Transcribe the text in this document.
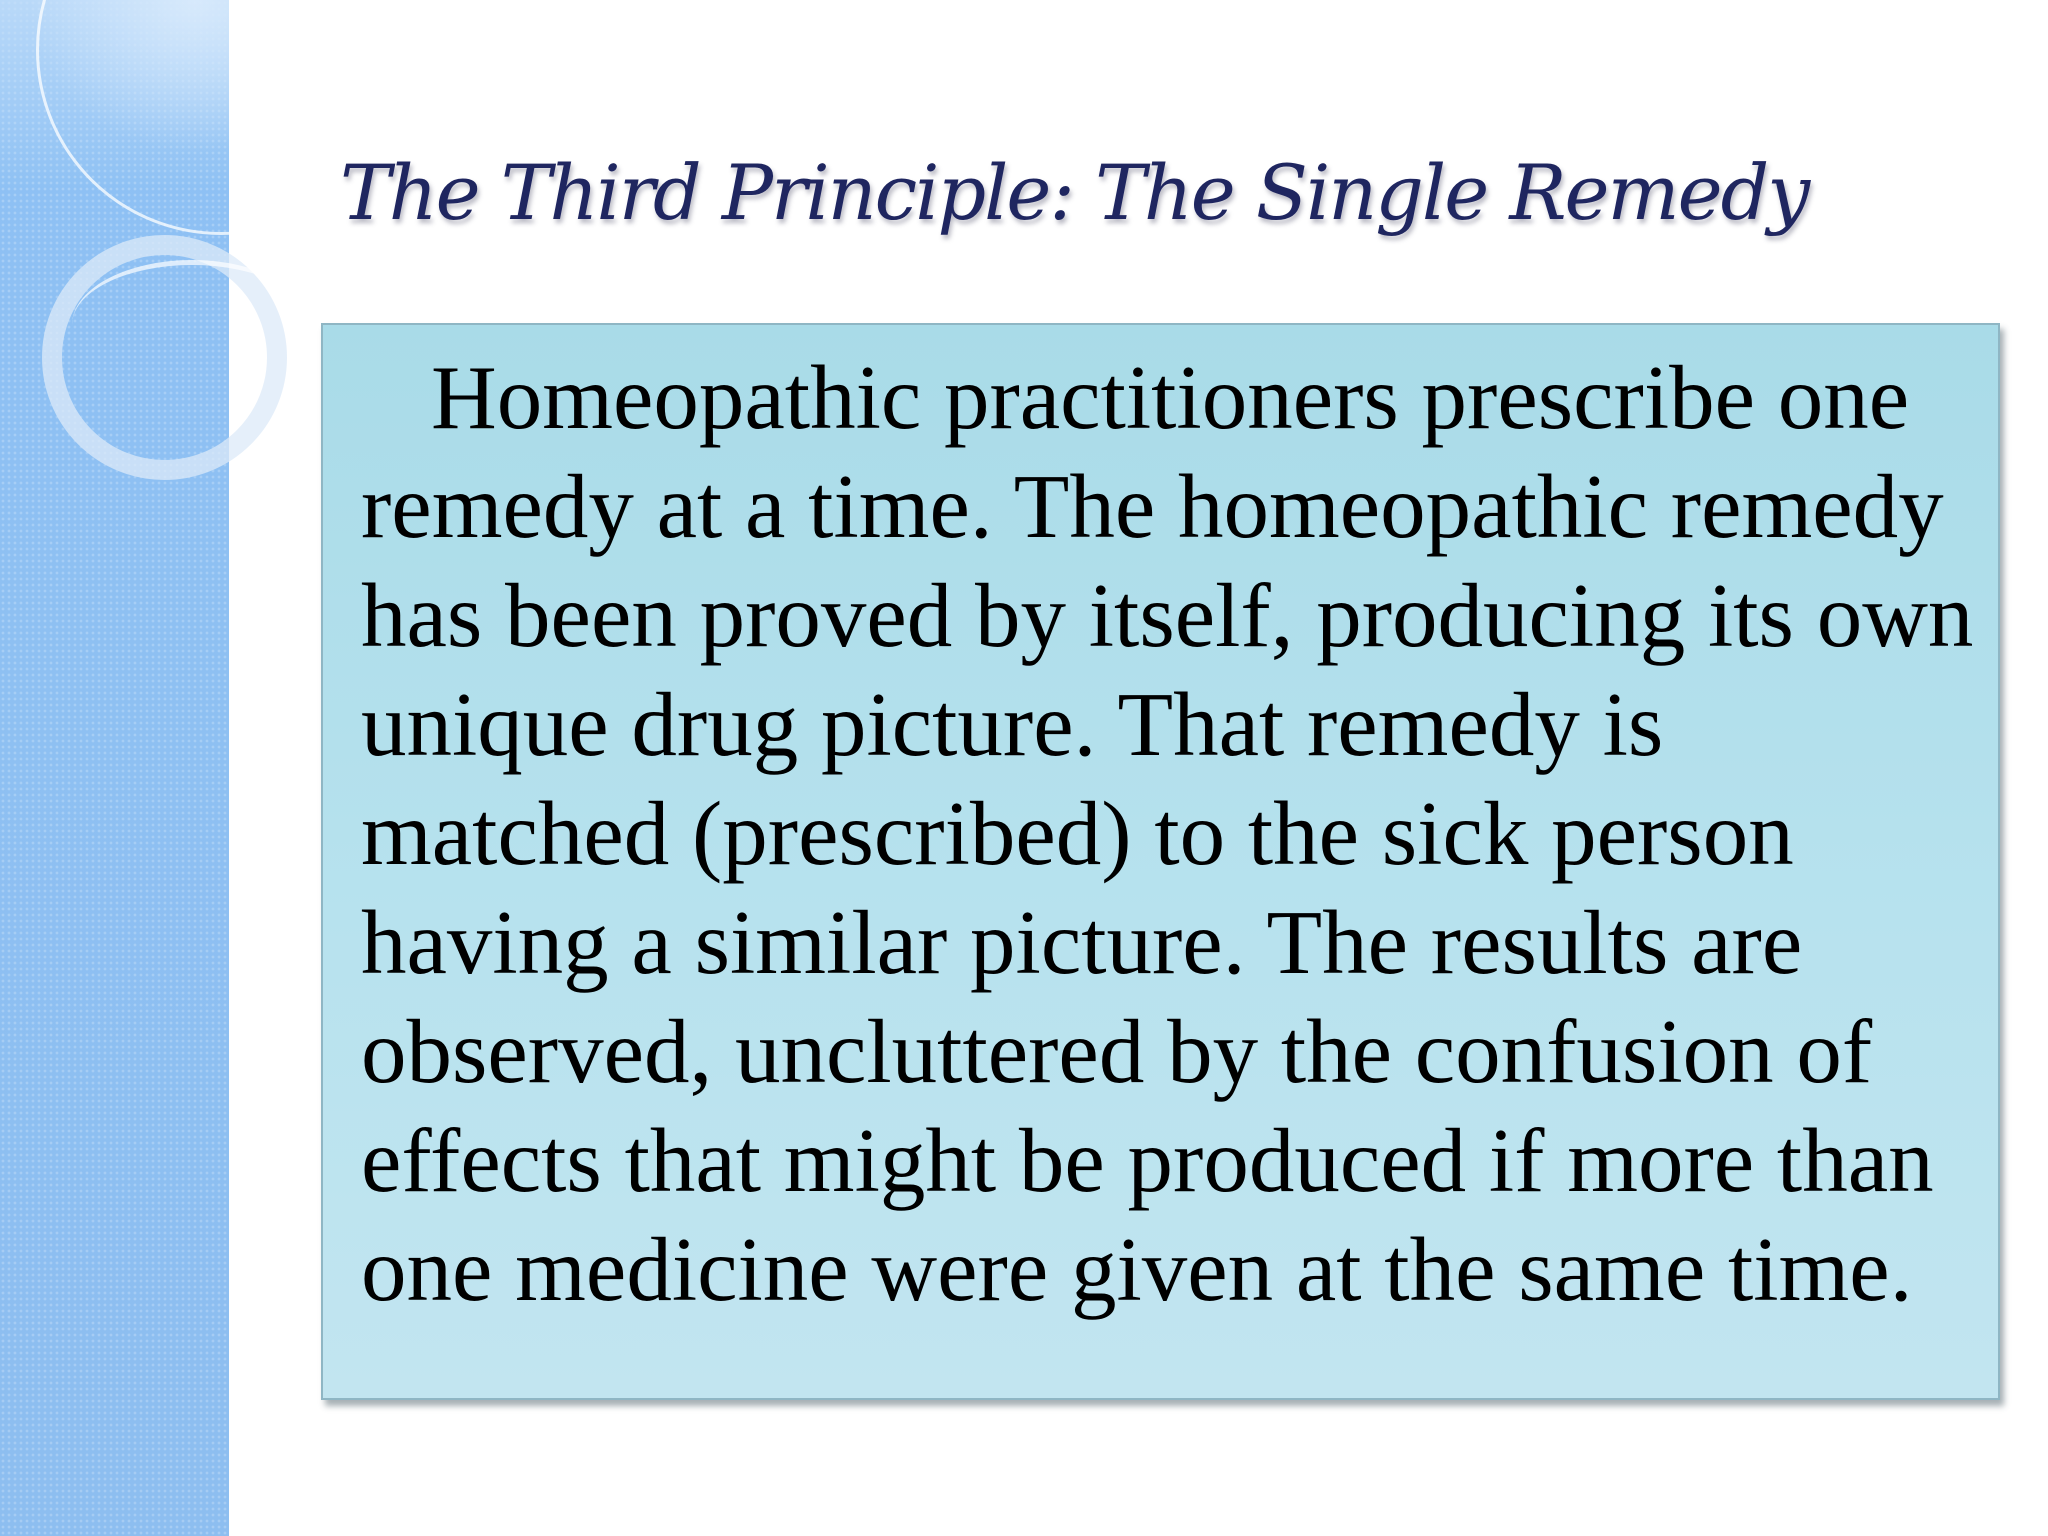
The Third Principle: The Single Remedy

Homeopathic practitioners prescribe one remedy at a time. The homeopathic remedy has been proved by itself, producing its own unique drug picture. That remedy is matched (prescribed) to the sick person having a similar picture. The results are observed, uncluttered by the confusion of effects that might be produced if more than one medicine were given at the same time.
